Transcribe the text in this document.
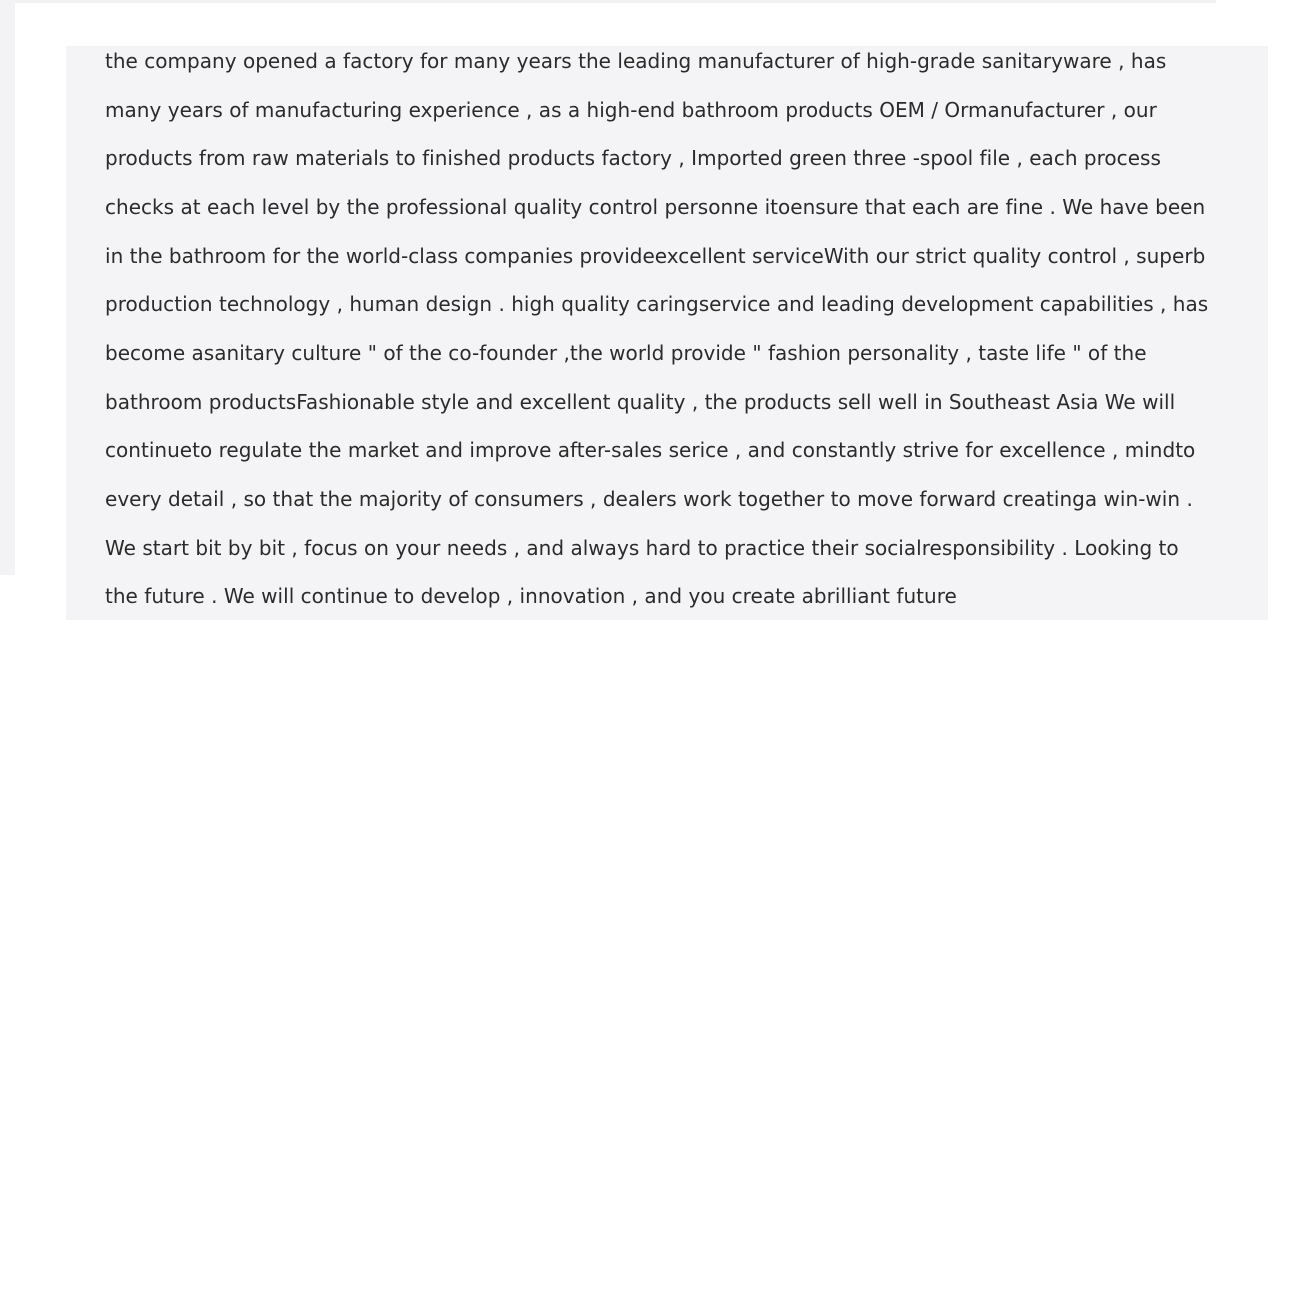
the company opened a factory for many years the leading manufacturer of high-grade sanitaryware , has
many years of manufacturing experience , as a high-end bathroom products OEM / Ormanufacturer , our
products from raw materials to finished products factory , Imported green three -spool file , each process
checks at each level by the professional quality control personne itoensure that each are fine . We have been
in the bathroom for the world-class companies provideexcellent serviceWith our strict quality control , superb
production technology , human design . high quality caringservice and leading development capabilities , has
become asanitary culture " of the co-founder ,the world provide " fashion personality , taste life " of the
bathroom productsFashionable style and excellent quality , the products sell well in Southeast Asia We will
continueto regulate the market and improve after-sales serice , and constantly strive for excellence , mindto
every detail , so that the majority of consumers , dealers work together to move forward creatinga win-win .
We start bit by bit , focus on your needs , and always hard to practice their socialresponsibility . Looking to
the future . We will continue to develop , innovation , and you create abrilliant future
